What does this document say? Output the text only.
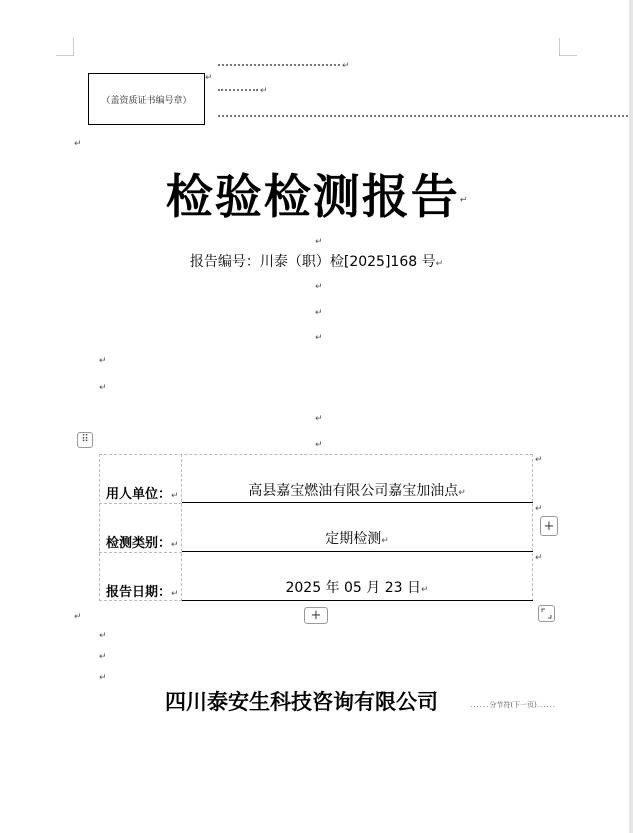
（盖资质证书编号章）
↵
↵
↵
↵
检验检测报告↵
↵
报告编号：川泰（职）检[2025]168 号↵
↵
↵
↵
↵
↵
↵
↵
⠿
用人单位：↵	高县嘉宝燃油有限公司嘉宝加油点↵
↵
检测类别：↵	定期检测↵
↵
报告日期：↵	2025 年 05 月 23 日↵
↵
+
+
↵
↵
↵
↵
四川泰安生科技咨询有限公司	......分节符(下一页)......
